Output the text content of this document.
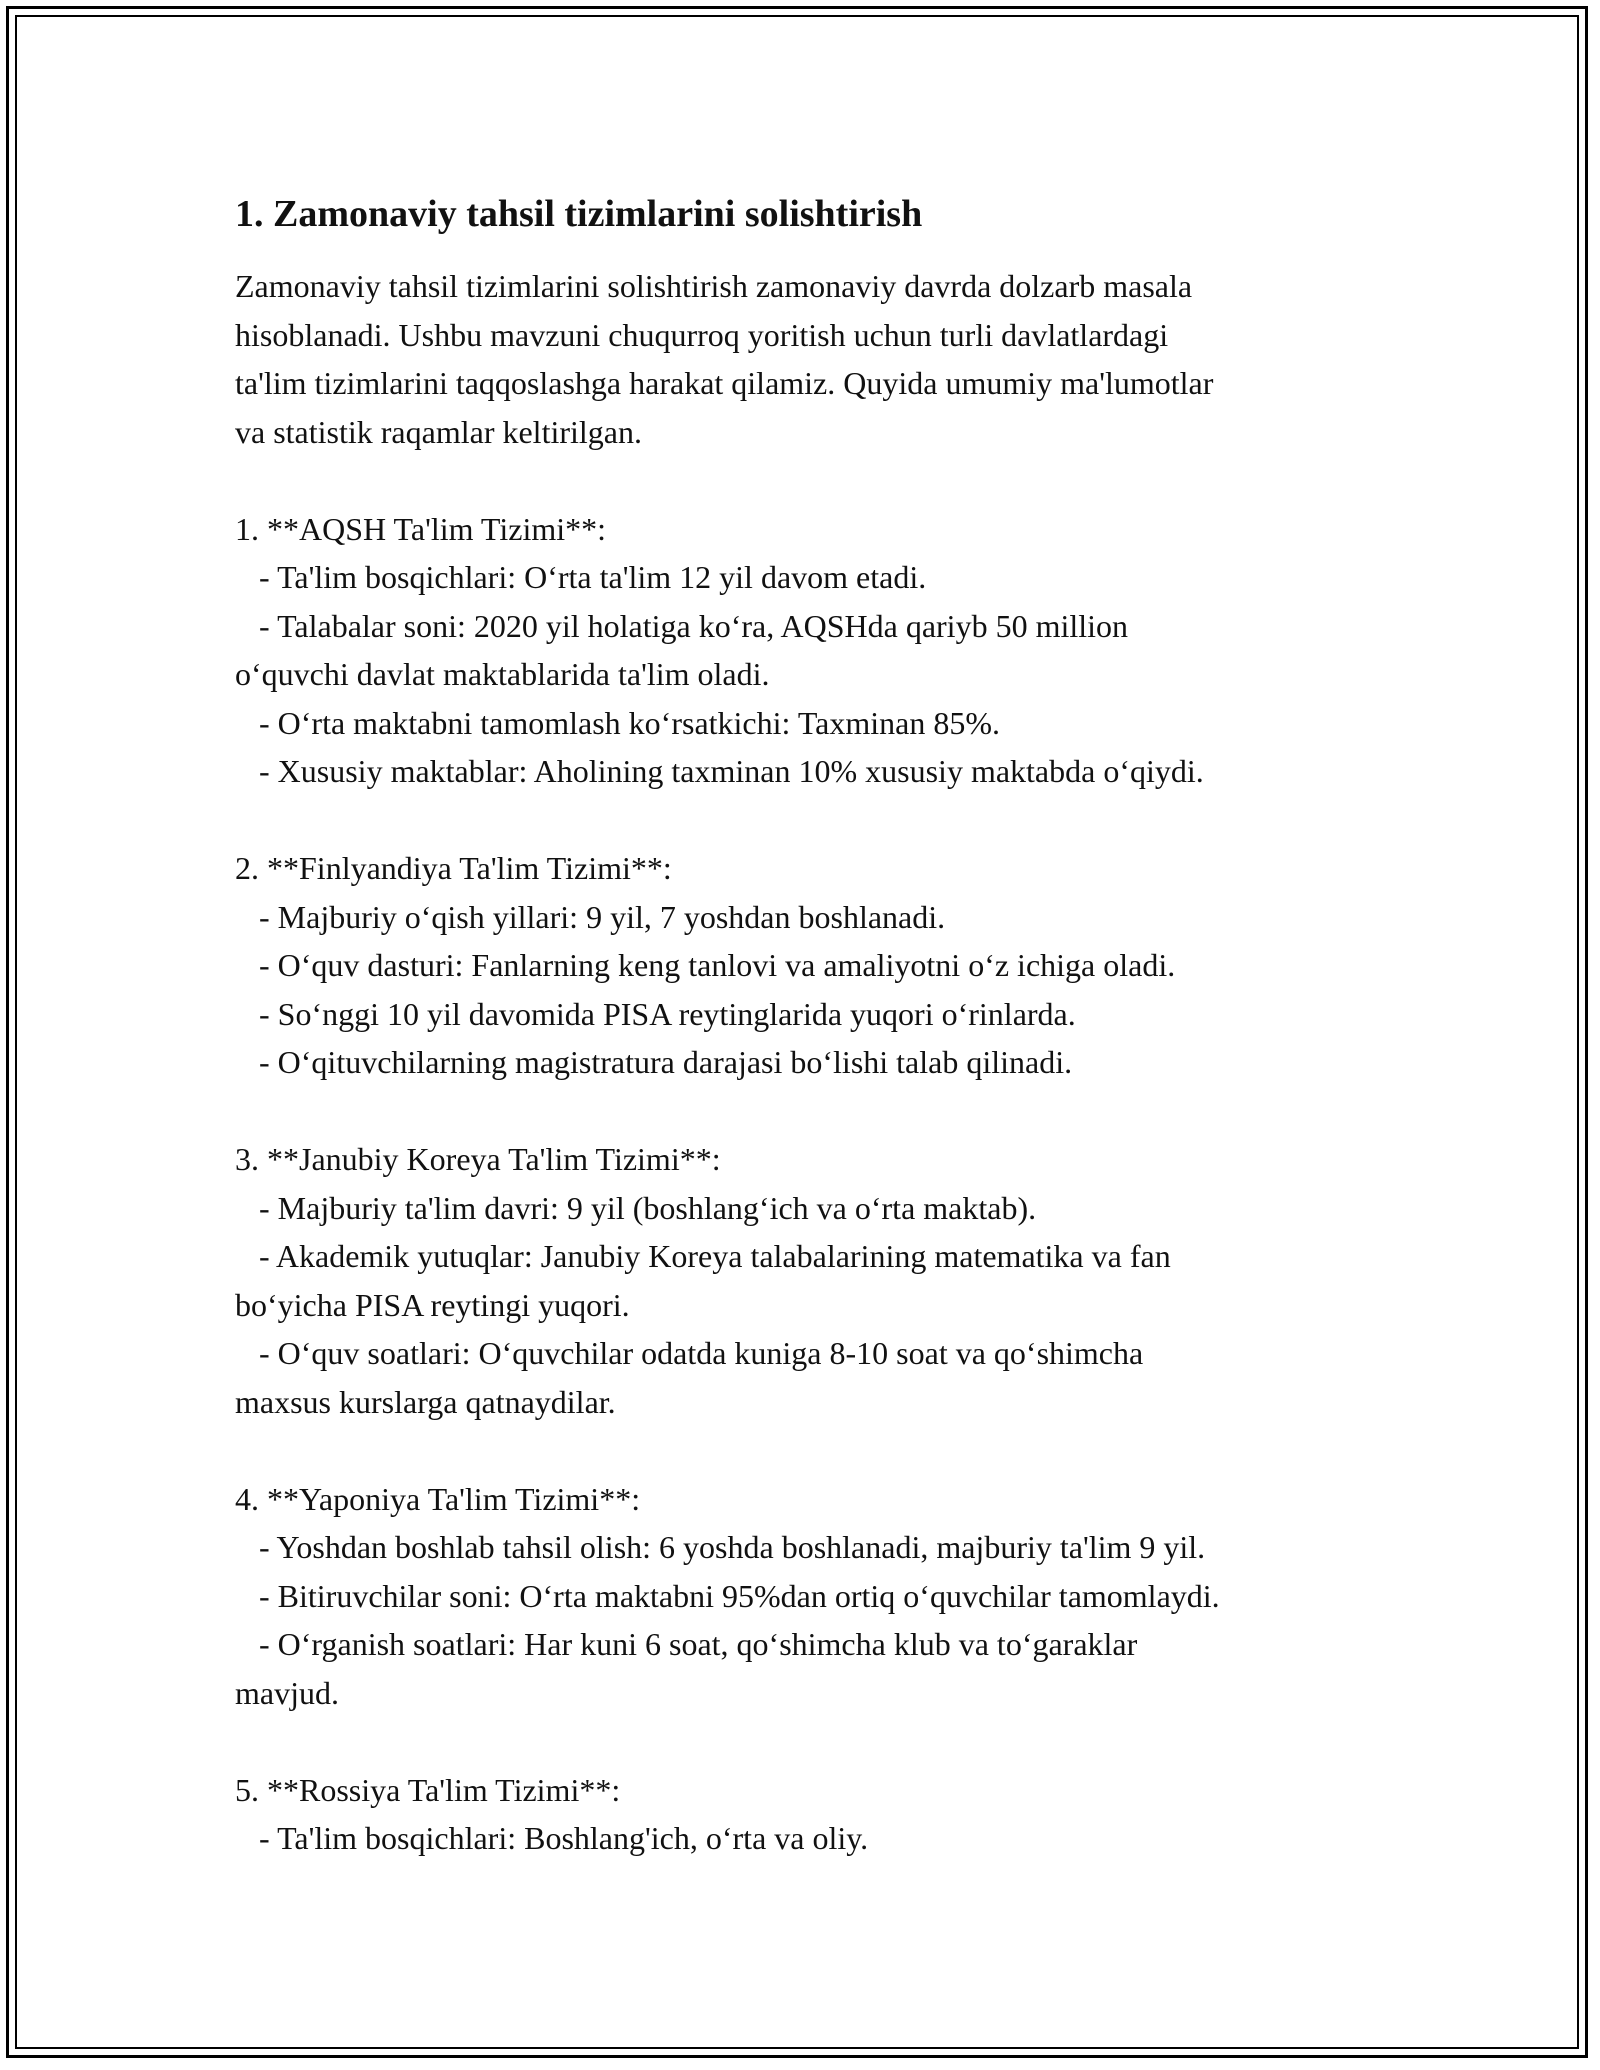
1. Zamonaviy tahsil tizimlarini solishtirish

Zamonaviy tahsil tizimlarini solishtirish zamonaviy davrda dolzarb masala
hisoblanadi. Ushbu mavzuni chuqurroq yoritish uchun turli davlatlardagi
ta'lim tizimlarini taqqoslashga harakat qilamiz. Quyida umumiy ma'lumotlar
va statistik raqamlar keltirilgan.

1. **AQSH Ta'lim Tizimi**:
- Ta'lim bosqichlari: O‘rta ta'lim 12 yil davom etadi.
- Talabalar soni: 2020 yil holatiga ko‘ra, AQSHda qariyb 50 million
o‘quvchi davlat maktablarida ta'lim oladi.
- O‘rta maktabni tamomlash ko‘rsatkichi: Taxminan 85%.
- Xususiy maktablar: Aholining taxminan 10% xususiy maktabda o‘qiydi.

2. **Finlyandiya Ta'lim Tizimi**:
- Majburiy o‘qish yillari: 9 yil, 7 yoshdan boshlanadi.
- O‘quv dasturi: Fanlarning keng tanlovi va amaliyotni o‘z ichiga oladi.
- So‘nggi 10 yil davomida PISA reytinglarida yuqori o‘rinlarda.
- O‘qituvchilarning magistratura darajasi bo‘lishi talab qilinadi.

3. **Janubiy Koreya Ta'lim Tizimi**:
- Majburiy ta'lim davri: 9 yil (boshlang‘ich va o‘rta maktab).
- Akademik yutuqlar: Janubiy Koreya talabalarining matematika va fan
bo‘yicha PISA reytingi yuqori.
- O‘quv soatlari: O‘quvchilar odatda kuniga 8-10 soat va qo‘shimcha
maxsus kurslarga qatnaydilar.

4. **Yaponiya Ta'lim Tizimi**:
- Yoshdan boshlab tahsil olish: 6 yoshda boshlanadi, majburiy ta'lim 9 yil.
- Bitiruvchilar soni: O‘rta maktabni 95%dan ortiq o‘quvchilar tamomlaydi.
- O‘rganish soatlari: Har kuni 6 soat, qo‘shimcha klub va to‘garaklar
mavjud.

5. **Rossiya Ta'lim Tizimi**:
- Ta'lim bosqichlari: Boshlang'ich, o‘rta va oliy.
